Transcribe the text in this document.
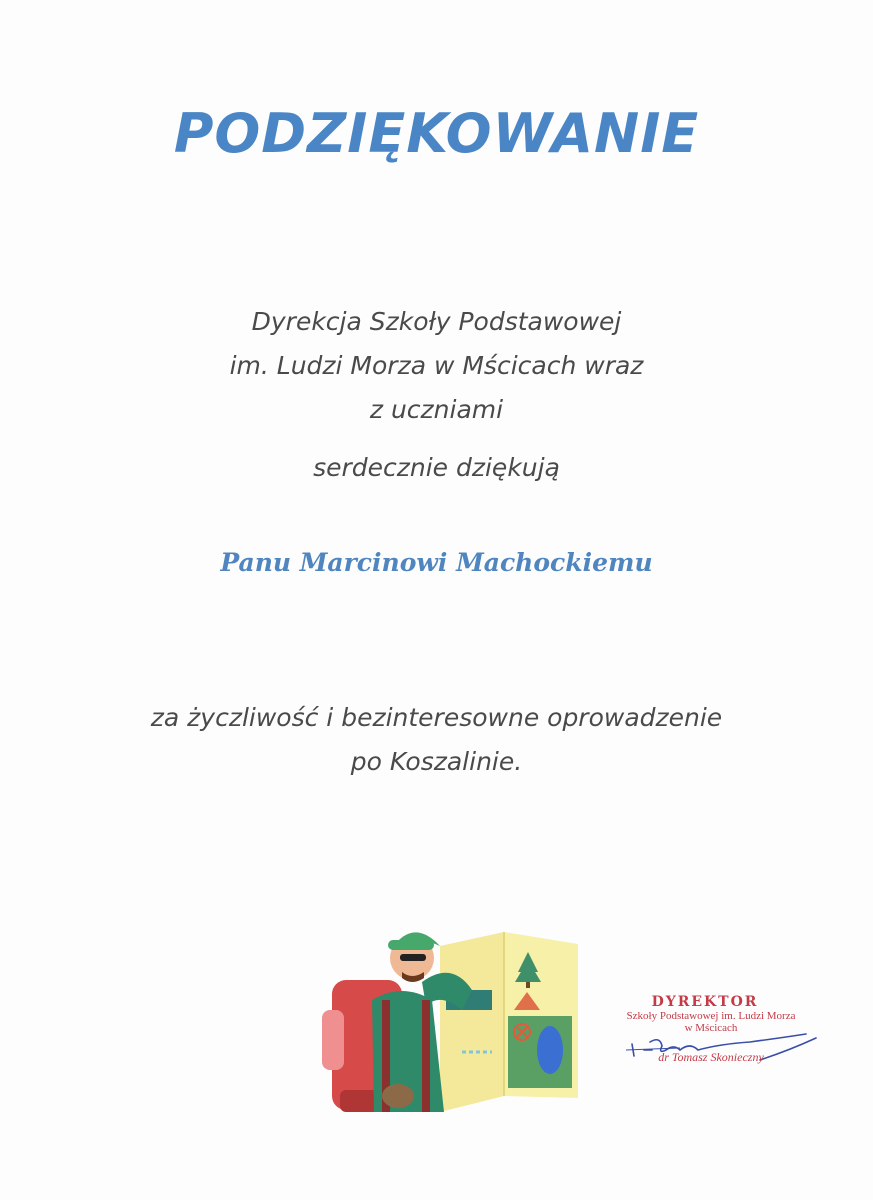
PODZIĘKOWANIE
Dyrekcja Szkoły Podstawowej
im. Ludzi Morza w Mścicach wraz
z uczniami
serdecznie dziękują
Panu Marcinowi Machockiemu
za życzliwość i bezinteresowne oprowadzenie
po Koszalinie.
DYREKTOR
Szkoły Podstawowej im. Ludzi Morza
w Mścicach
dr Tomasz Skonieczny
